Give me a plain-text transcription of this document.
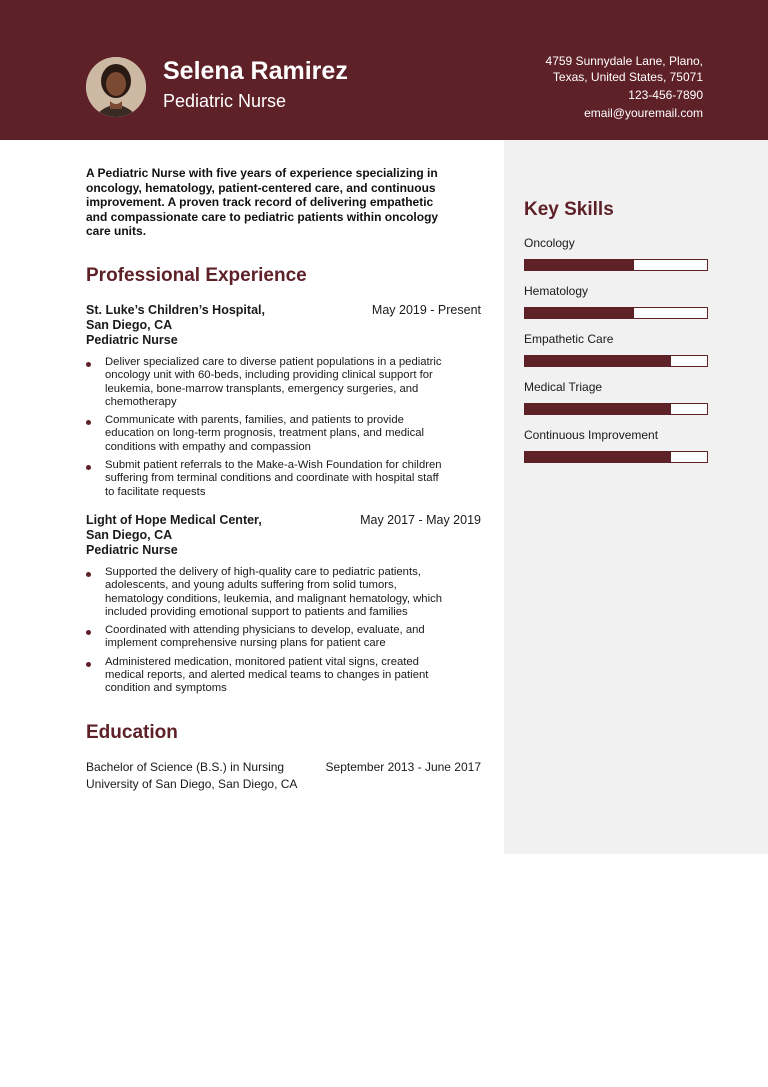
Selena Ramirez
Pediatric Nurse
4759 Sunnydale Lane, Plano,
Texas, United States, 75071
123-456-7890
email@youremail.com
Key Skills
Oncology
Hematology
Empathetic Care
Medical Triage
Continuous Improvement
A Pediatric Nurse with five years of experience specializing in
oncology, hematology, patient-centered care, and continuous
improvement. A proven track record of delivering empathetic
and compassionate care to pediatric patients within oncology
care units.
Professional Experience
St. Luke’s Children’s Hospital,
San Diego, CA
May 2019 - Present
Pediatric Nurse
Deliver specialized care to diverse patient populations in a pediatric
oncology unit with 60-beds, including providing clinical support for
leukemia, bone-marrow transplants, emergency surgeries, and
chemotherapy
Communicate with parents, families, and patients to provide
education on long-term prognosis, treatment plans, and medical
conditions with empathy and compassion
Submit patient referrals to the Make-a-Wish Foundation for children
suffering from terminal conditions and coordinate with hospital staff
to facilitate requests
Light of Hope Medical Center,
San Diego, CA
May 2017 - May 2019
Pediatric Nurse
Supported the delivery of high-quality care to pediatric patients,
adolescents, and young adults suffering from solid tumors,
hematology conditions, leukemia, and malignant hematology, which
included providing emotional support to patients and families
Coordinated with attending physicians to develop, evaluate, and
implement comprehensive nursing plans for patient care
Administered medication, monitored patient vital signs, created
medical reports, and alerted medical teams to changes in patient
condition and symptoms
Education
Bachelor of Science (B.S.) in Nursing	September 2013 - June 2017
University of San Diego, San Diego, CA
